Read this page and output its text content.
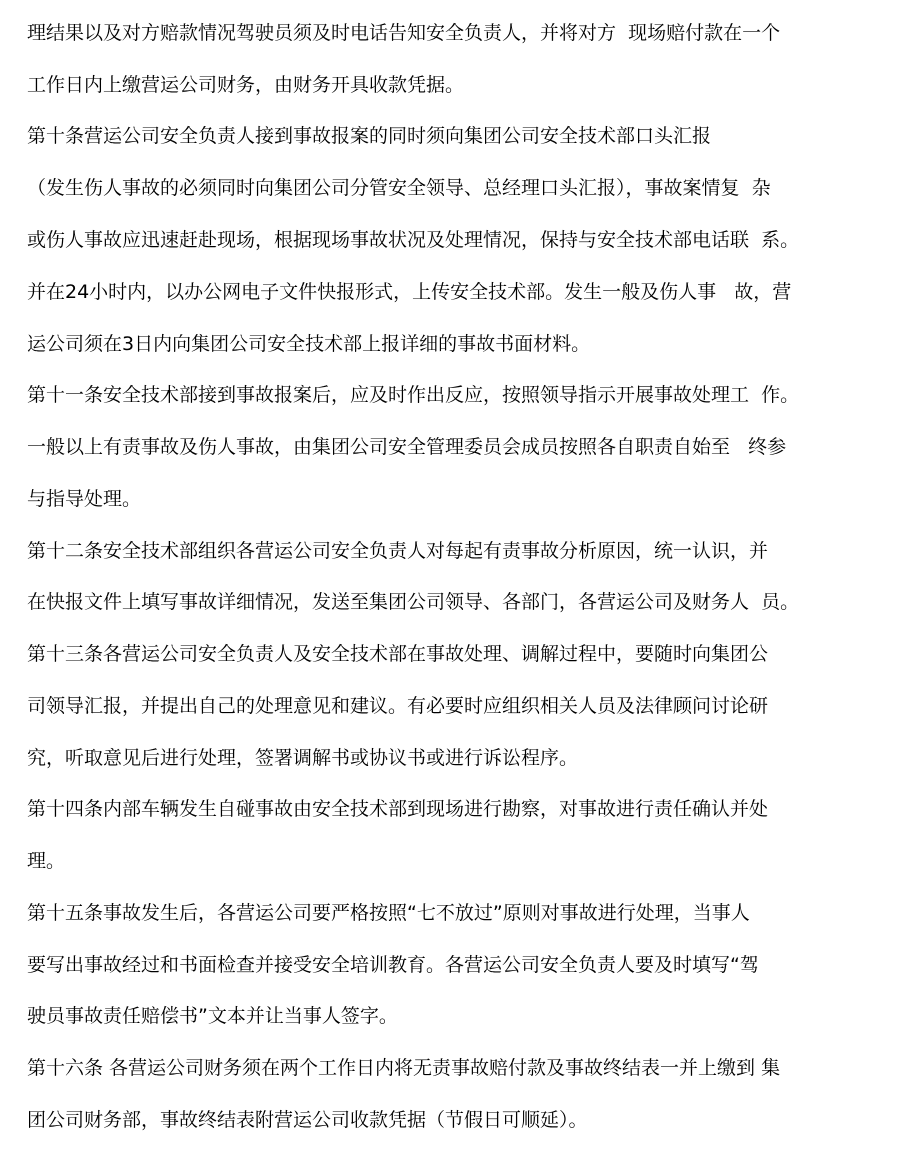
理结果以及对方赔款情况驾驶员须及时电话告知安全负责人，并将对方  现场赔付款在一个
工作日内上缴营运公司财务，由财务开具收款凭据。
第十条营运公司安全负责人接到事故报案的同时须向集团公司安全技术部口头汇报
（发生伤人事故的必须同时向集团公司分管安全领导、总经理口头汇报），事故案情复  杂
或伤人事故应迅速赶赴现场，根据现场事故状况及处理情况，保持与安全技术部电话联  系。
并在24小时内，以办公网电子文件快报形式，上传安全技术部。发生一般及伤人事   故，营
运公司须在3日内向集团公司安全技术部上报详细的事故书面材料。
第十一条安全技术部接到事故报案后，应及时作出反应，按照领导指示开展事故处理工  作。
一般以上有责事故及伤人事故，由集团公司安全管理委员会成员按照各自职责自始至   终参
与指导处理。
第十二条安全技术部组织各营运公司安全负责人对每起有责事故分析原因，统一认识，并
在快报文件上填写事故详细情况，发送至集团公司领导、各部门，各营运公司及财务人  员。
第十三条各营运公司安全负责人及安全技术部在事故处理、调解过程中，要随时向集团公
司领导汇报，并提出自己的处理意见和建议。有必要时应组织相关人员及法律顾问讨论研
究，听取意见后进行处理，签署调解书或协议书或进行诉讼程序。
第十四条内部车辆发生自碰事故由安全技术部到现场进行勘察，对事故进行责任确认并处
理。
第十五条事故发生后，各营运公司要严格按照“七不放过”原则对事故进行处理，当事人
要写出事故经过和书面检查并接受安全培训教育。各营运公司安全负责人要及时填写“驾
驶员事故责任赔偿书”文本并让当事人签字。
第十六条 各营运公司财务须在两个工作日内将无责事故赔付款及事故终结表一并上缴到 集
团公司财务部，事故终结表附营运公司收款凭据（节假日可顺延）。
